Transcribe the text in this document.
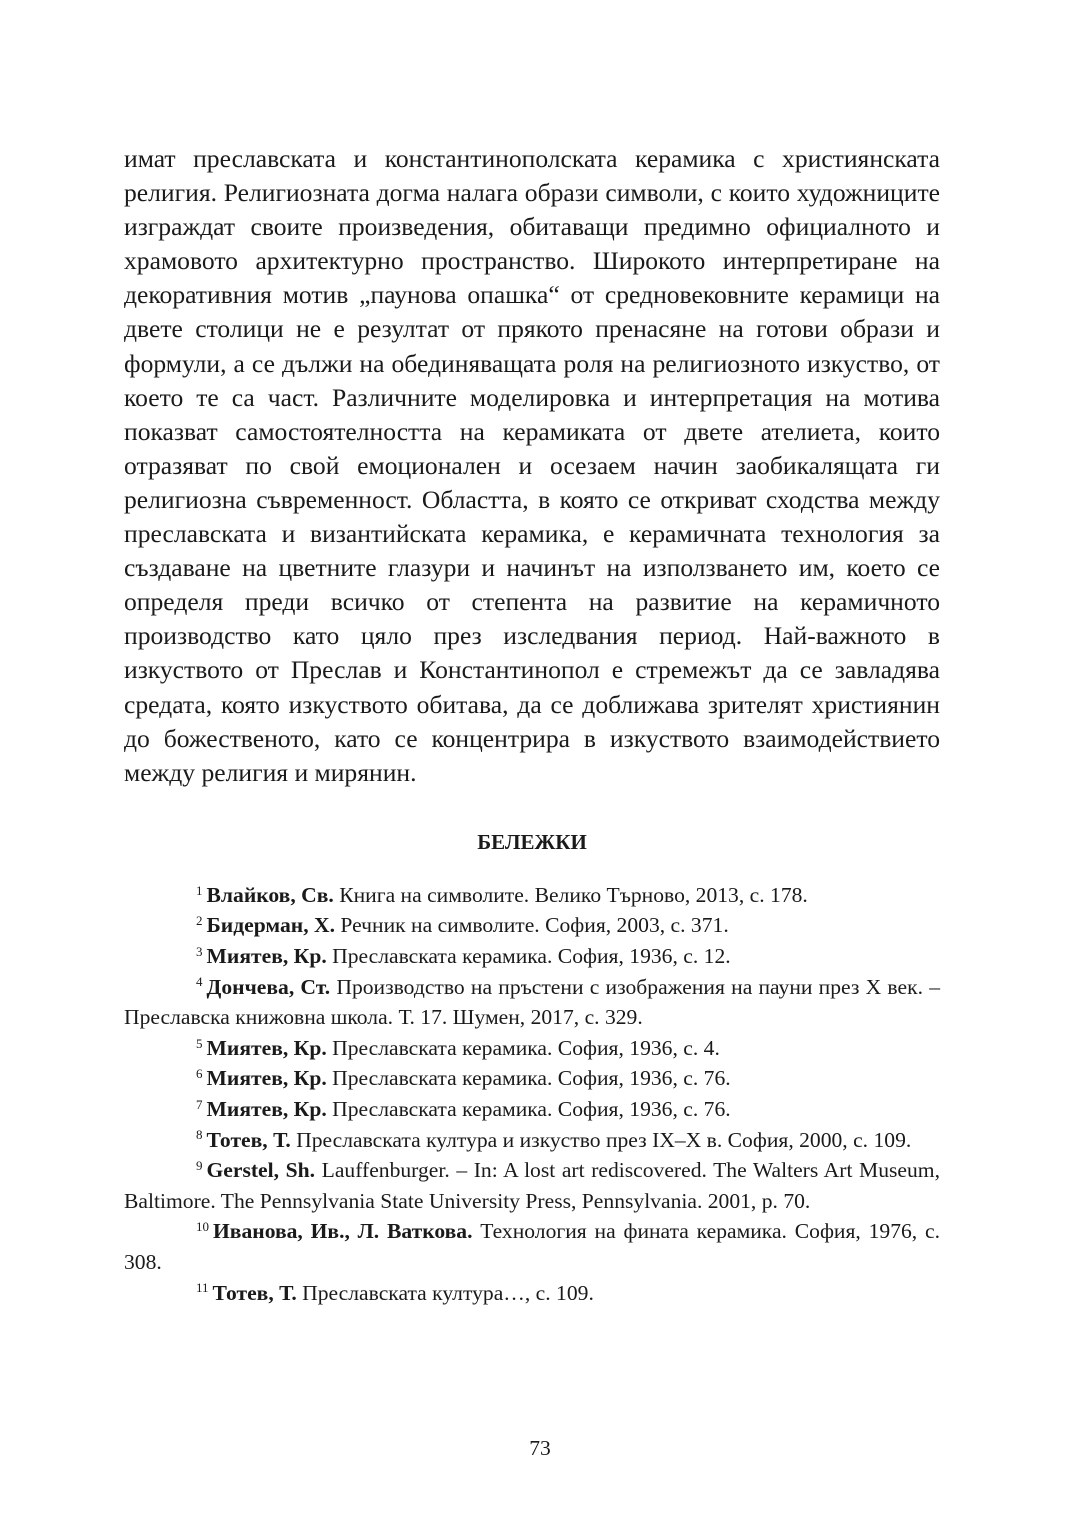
имат преславската и константинополската керамика с християнската религия. Религиозната догма налага образи символи, с които художниците изграждат своите произведения, обитаващи предимно официалното и храмовото архитектурно пространство. Широкото интерпретиране на декоративния мотив „паунова опашка“ от средновековните керамици на двете столици не е резултат от прякото пренасяне на готови образи и формули, а се дължи на обединяващата роля на религиозното изкуство, от което те са част. Различните моделировка и интерпретация на мотива показват самостоятелността на керамиката от двете ателиета, които отразяват по свой емоционален и осезаем начин заобикалящата ги религиозна съвременност. Областта, в която се откриват сходства между преславската и византийската керамика, е керамичната технология за създаване на цветните глазури и начинът на използването им, което се определя преди всичко от степента на развитие на керамичното производство като цяло през изследвания период. Най-важното в изкуството от Преслав и Константинопол е стремежът да се завладява средата, която изкуството обитава, да се доближава зрителят християнин до божественото, като се концентрира в изкуството взаимодействието между религия и мирянин.

БЕЛЕЖКИ

$^1$ Влайков, Св. Книга на символите. Велико Търново, 2013, с. 178.

$^2$ Бидерман, Х. Речник на символите. София, 2003, с. 371.

$^3$ Миятев, Кр. Преславската керамика. София, 1936, с. 12.

$^4$ Дончева, Ст. Производство на пръстени с изображения на пауни през Х век. – Преславска книжовна школа. Т. 17. Шумен, 2017, с. 329.

$^5$ Миятев, Кр. Преславската керамика. София, 1936, с. 4.

$^6$ Миятев, Кр. Преславската керамика. София, 1936, с. 76.

$^7$ Миятев, Кр. Преславската керамика. София, 1936, с. 76.

$^8$ Тотев, Т. Преславската култура и изкуство през ІХ–Х в. София, 2000, с. 109.

$^9$ Gerstel, Sh. Lauffenburger. – In: A lost art rediscovered. The Walters Art Museum, Baltimore. The Pennsylvania State University Press, Pennsylvania. 2001, p. 70.

$^{10}$ Иванова, Ив., Л. Ваткова. Технология на фината керамика. София, 1976, с. 308.

$^{11}$ Тотев, Т. Преславската култура…, с. 109.

73
